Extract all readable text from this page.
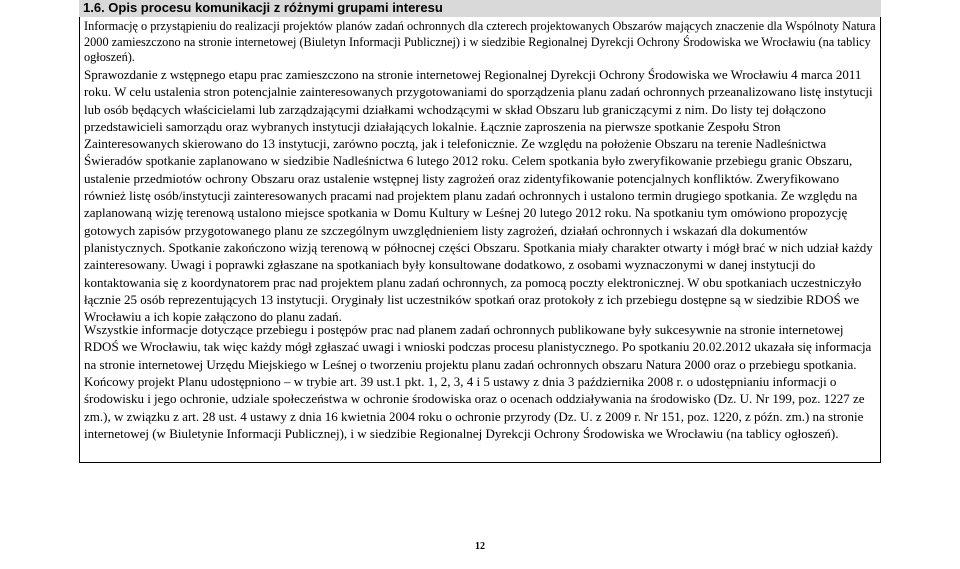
1.6. Opis procesu komunikacji z różnymi grupami interesu

Informację o przystąpieniu do realizacji projektów planów zadań ochronnych dla czterech projektowanych Obszarów mających znaczenie dla Wspólnoty Natura 2000 zamieszczono na stronie internetowej (Biuletyn Informacji Publicznej) i w siedzibie Regionalnej Dyrekcji Ochrony Środowiska we Wrocławiu (na tablicy ogłoszeń).

Sprawozdanie z wstępnego etapu prac zamieszczono na stronie internetowej Regionalnej Dyrekcji Ochrony Środowiska we Wrocławiu 4 marca 2011 roku. W celu ustalenia stron potencjalnie zainteresowanych przygotowaniami do sporządzenia planu zadań ochronnych przeanalizowano listę instytucji lub osób będących właścicielami lub zarządzającymi działkami wchodzącymi w skład Obszaru lub graniczącymi z nim. Do listy tej dołączono przedstawicieli samorządu oraz wybranych instytucji działających lokalnie. Łącznie zaproszenia na pierwsze spotkanie Zespołu Stron Zainteresowanych skierowano do 13 instytucji, zarówno pocztą, jak i telefonicznie. Ze względu na położenie Obszaru na terenie Nadleśnictwa Świeradów spotkanie zaplanowano w siedzibie Nadleśnictwa 6 lutego 2012 roku. Celem spotkania było zweryfikowanie przebiegu granic Obszaru, ustalenie przedmiotów ochrony Obszaru oraz ustalenie wstępnej listy zagrożeń oraz zidentyfikowanie potencjalnych konfliktów. Zweryfikowano również listę osób/instytucji zainteresowanych pracami nad projektem planu zadań ochronnych i ustalono termin drugiego spotkania. Ze względu na zaplanowaną wizję terenową ustalono miejsce spotkania w Domu Kultury w Leśnej 20 lutego 2012 roku. Na spotkaniu tym omówiono propozycję gotowych zapisów przygotowanego planu ze szczególnym uwzględnieniem listy zagrożeń, działań ochronnych i wskazań dla dokumentów planistycznych. Spotkanie zakończono wizją terenową w północnej części Obszaru. Spotkania miały charakter otwarty i mógł brać w nich udział każdy zainteresowany. Uwagi i poprawki zgłaszane na spotkaniach były konsultowane dodatkowo, z osobami wyznaczonymi w danej instytucji do kontaktowania się z koordynatorem prac nad projektem planu zadań ochronnych, za pomocą poczty elektronicznej. W obu spotkaniach uczestniczyło łącznie 25 osób reprezentujących 13 instytucji. Oryginały list uczestników spotkań oraz protokoły z ich przebiegu dostępne są w siedzibie RDOŚ we Wrocławiu a ich kopie załączono do planu zadań.

Wszystkie informacje dotyczące przebiegu i postępów prac nad planem zadań ochronnych publikowane były sukcesywnie na stronie internetowej RDOŚ we Wrocławiu, tak więc każdy mógł zgłaszać uwagi i wnioski podczas procesu planistycznego. Po spotkaniu 20.02.2012 ukazała się informacja na stronie internetowej Urzędu Miejskiego w Leśnej o tworzeniu projektu planu zadań ochronnych obszaru Natura 2000 oraz o przebiegu spotkania.

Końcowy projekt Planu udostępniono – w trybie art. 39 ust.1 pkt. 1, 2, 3, 4 i 5 ustawy z dnia 3 października 2008 r. o udostępnianiu informacji o środowisku i jego ochronie, udziale społeczeństwa w ochronie środowiska oraz o ocenach oddziaływania na środowisko (Dz. U. Nr 199, poz. 1227 ze zm.), w związku z art. 28 ust. 4 ustawy z dnia 16 kwietnia 2004 roku o ochronie przyrody (Dz. U. z 2009 r. Nr 151, poz. 1220, z późn. zm.) na stronie internetowej (w Biuletynie Informacji Publicznej), i w siedzibie Regionalnej Dyrekcji Ochrony Środowiska we Wrocławiu (na tablicy ogłoszeń).

12
